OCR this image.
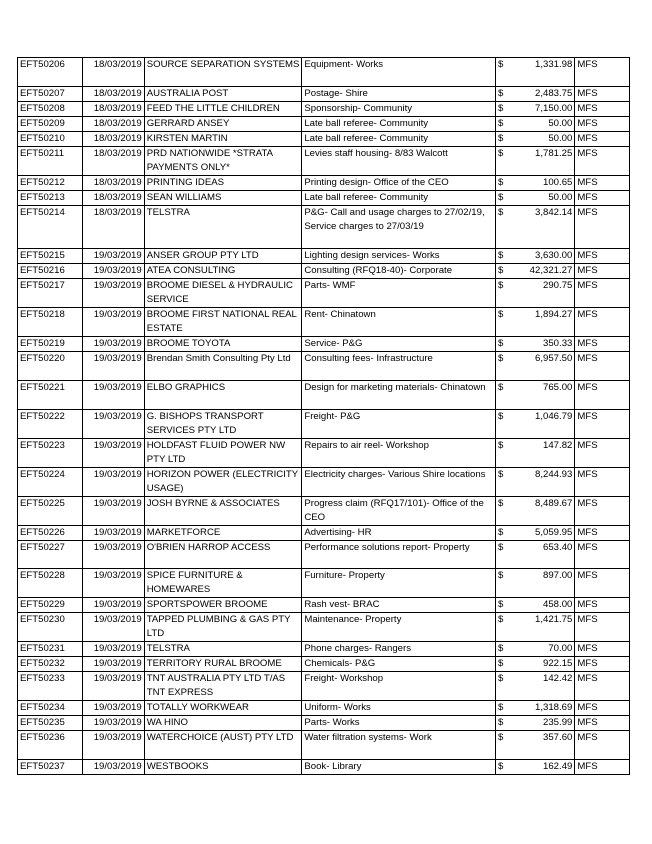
EFT50206	18/03/2019	SOURCE SEPARATION SYSTEMS	Equipment- Works	$	1,331.98	MFS
EFT50207	18/03/2019	AUSTRALIA POST	Postage- Shire	$	2,483.75	MFS
EFT50208	18/03/2019	FEED THE LITTLE CHILDREN	Sponsorship- Community	$	7,150.00	MFS
EFT50209	18/03/2019	GERRARD ANSEY	Late ball referee- Community	$	50.00	MFS
EFT50210	18/03/2019	KIRSTEN MARTIN	Late ball referee- Community	$	50.00	MFS
EFT50211	18/03/2019	PRD NATIONWIDE *STRATA PAYMENTS ONLY*	Levies staff housing- 8/83 Walcott	$	1,781.25	MFS
EFT50212	18/03/2019	PRINTING IDEAS	Printing design- Office of the CEO	$	100.65	MFS
EFT50213	18/03/2019	SEAN WILLIAMS	Late ball referee- Community	$	50.00	MFS
EFT50214	18/03/2019	TELSTRA	P&G- Call and usage charges to 27/02/19, Service charges to 27/03/19	$	3,842.14	MFS
EFT50215	19/03/2019	ANSER GROUP PTY LTD	Lighting design services- Works	$	3,630.00	MFS
EFT50216	19/03/2019	ATEA CONSULTING	Consulting (RFQ18-40)- Corporate	$	42,321.27	MFS
EFT50217	19/03/2019	BROOME DIESEL & HYDRAULIC SERVICE	Parts- WMF	$	290.75	MFS
EFT50218	19/03/2019	BROOME FIRST NATIONAL REAL ESTATE	Rent- Chinatown	$	1,894.27	MFS
EFT50219	19/03/2019	BROOME TOYOTA	Service- P&G	$	350.33	MFS
EFT50220	19/03/2019	Brendan Smith Consulting Pty Ltd	Consulting fees- Infrastructure	$	6,957.50	MFS
EFT50221	19/03/2019	ELBO GRAPHICS	Design for marketing materials- Chinatown	$	765.00	MFS
EFT50222	19/03/2019	G. BISHOPS TRANSPORT SERVICES PTY LTD	Freight- P&G	$	1,046.79	MFS
EFT50223	19/03/2019	HOLDFAST FLUID POWER NW PTY LTD	Repairs to air reel- Workshop	$	147.82	MFS
EFT50224	19/03/2019	HORIZON POWER (ELECTRICITY USAGE)	Electricity charges- Various Shire locations	$	8,244.93	MFS
EFT50225	19/03/2019	JOSH BYRNE & ASSOCIATES	Progress claim (RFQ17/101)- Office of the CEO	$	8,489.67	MFS
EFT50226	19/03/2019	MARKETFORCE	Advertising- HR	$	5,059.95	MFS
EFT50227	19/03/2019	O'BRIEN HARROP ACCESS	Performance solutions report- Property	$	653.40	MFS
EFT50228	19/03/2019	SPICE FURNITURE & HOMEWARES	Furniture- Property	$	897.00	MFS
EFT50229	19/03/2019	SPORTSPOWER BROOME	Rash vest- BRAC	$	458.00	MFS
EFT50230	19/03/2019	TAPPED PLUMBING & GAS PTY LTD	Maintenance- Property	$	1,421.75	MFS
EFT50231	19/03/2019	TELSTRA	Phone charges- Rangers	$	70.00	MFS
EFT50232	19/03/2019	TERRITORY RURAL BROOME	Chemicals- P&G	$	922.15	MFS
EFT50233	19/03/2019	TNT AUSTRALIA PTY LTD T/AS TNT EXPRESS	Freight- Workshop	$	142.42	MFS
EFT50234	19/03/2019	TOTALLY WORKWEAR	Uniform- Works	$	1,318.69	MFS
EFT50235	19/03/2019	WA HINO	Parts- Works	$	235.99	MFS
EFT50236	19/03/2019	WATERCHOICE (AUST) PTY LTD	Water filtration systems- Work	$	357.60	MFS
EFT50237	19/03/2019	WESTBOOKS	Book- Library	$	162.49	MFS
